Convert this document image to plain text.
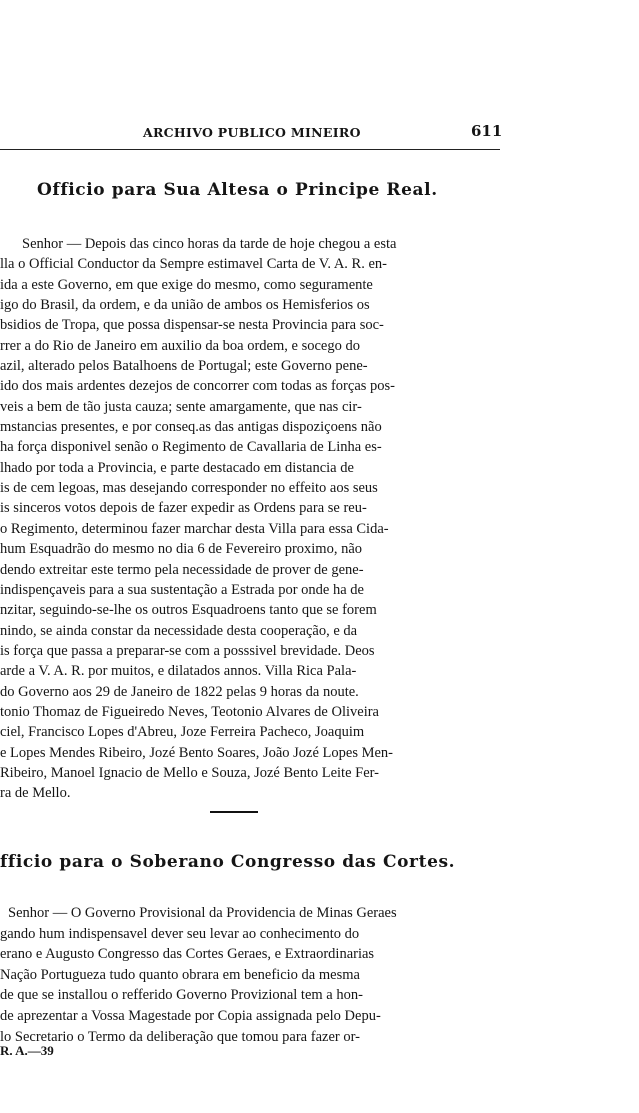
ARCHIVO PUBLICO MINEIRO	611
Officio para Sua Altesa o Principe Real.
Senhor — Depois das cinco horas da tarde de hoje chegou a esta
lla o Official Conductor da Sempre estimavel Carta de V. A. R. en-
ida a este Governo, em que exige do mesmo, como seguramente
igo do Brasil, da ordem, e da união de ambos os Hemisferios os
bsidios de Tropa, que possa dispensar-se nesta Provincia para soc-
rrer a do Rio de Janeiro em auxilio da boa ordem, e socego do
azil, alterado pelos Batalhoens de Portugal; este Governo pene-
ido dos mais ardentes dezejos de concorrer com todas as forças pos-
veis a bem de tão justa cauza; sente amargamente, que nas cir-
mstancias presentes, e por conseq.as das antigas dispoziçoens não
ha força disponivel senão o Regimento de Cavallaria de Linha es-
lhado por toda a Provincia, e parte destacado em distancia de
is de cem legoas, mas desejando corresponder no effeito aos seus
is sinceros votos depois de fazer expedir as Ordens para se reu-
o Regimento, determinou fazer marchar desta Villa para essa Cida-
hum Esquadrão do mesmo no dia 6 de Fevereiro proximo, não
dendo extreitar este termo pela necessidade de prover de gene-
indispençaveis para a sua sustentação a Estrada por onde ha de
nzitar, seguindo-se-lhe os outros Esquadroens tanto que se forem
nindo, se ainda constar da necessidade desta cooperação, e da
is força que passa a preparar-se com a posssivel brevidade. Deos
arde a V. A. R. por muitos, e dilatados annos. Villa Rica Pala-
do Governo aos 29 de Janeiro de 1822 pelas 9 horas da noute.
tonio Thomaz de Figueiredo Neves, Teotonio Alvares de Oliveira
ciel, Francisco Lopes d'Abreu, Joze Ferreira Pacheco, Joaquim
e Lopes Mendes Ribeiro, Jozé Bento Soares, João Jozé Lopes Men-
Ribeiro, Manoel Ignacio de Mello e Souza, Jozé Bento Leite Fer-
ra de Mello.
fficio para o Soberano Congresso das Cortes.
Senhor — O Governo Provisional da Providencia de Minas Geraes
gando hum indispensavel dever seu levar ao conhecimento do
erano e Augusto Congresso das Cortes Geraes, e Extraordinarias
Nação Portugueza tudo quanto obrara em beneficio da mesma
de que se installou o refferido Governo Provizional tem a hon-
de aprezentar a Vossa Magestade por Copia assignada pelo Depu-
lo Secretario o Termo da deliberação que tomou para fazer or-
R. A.—39
